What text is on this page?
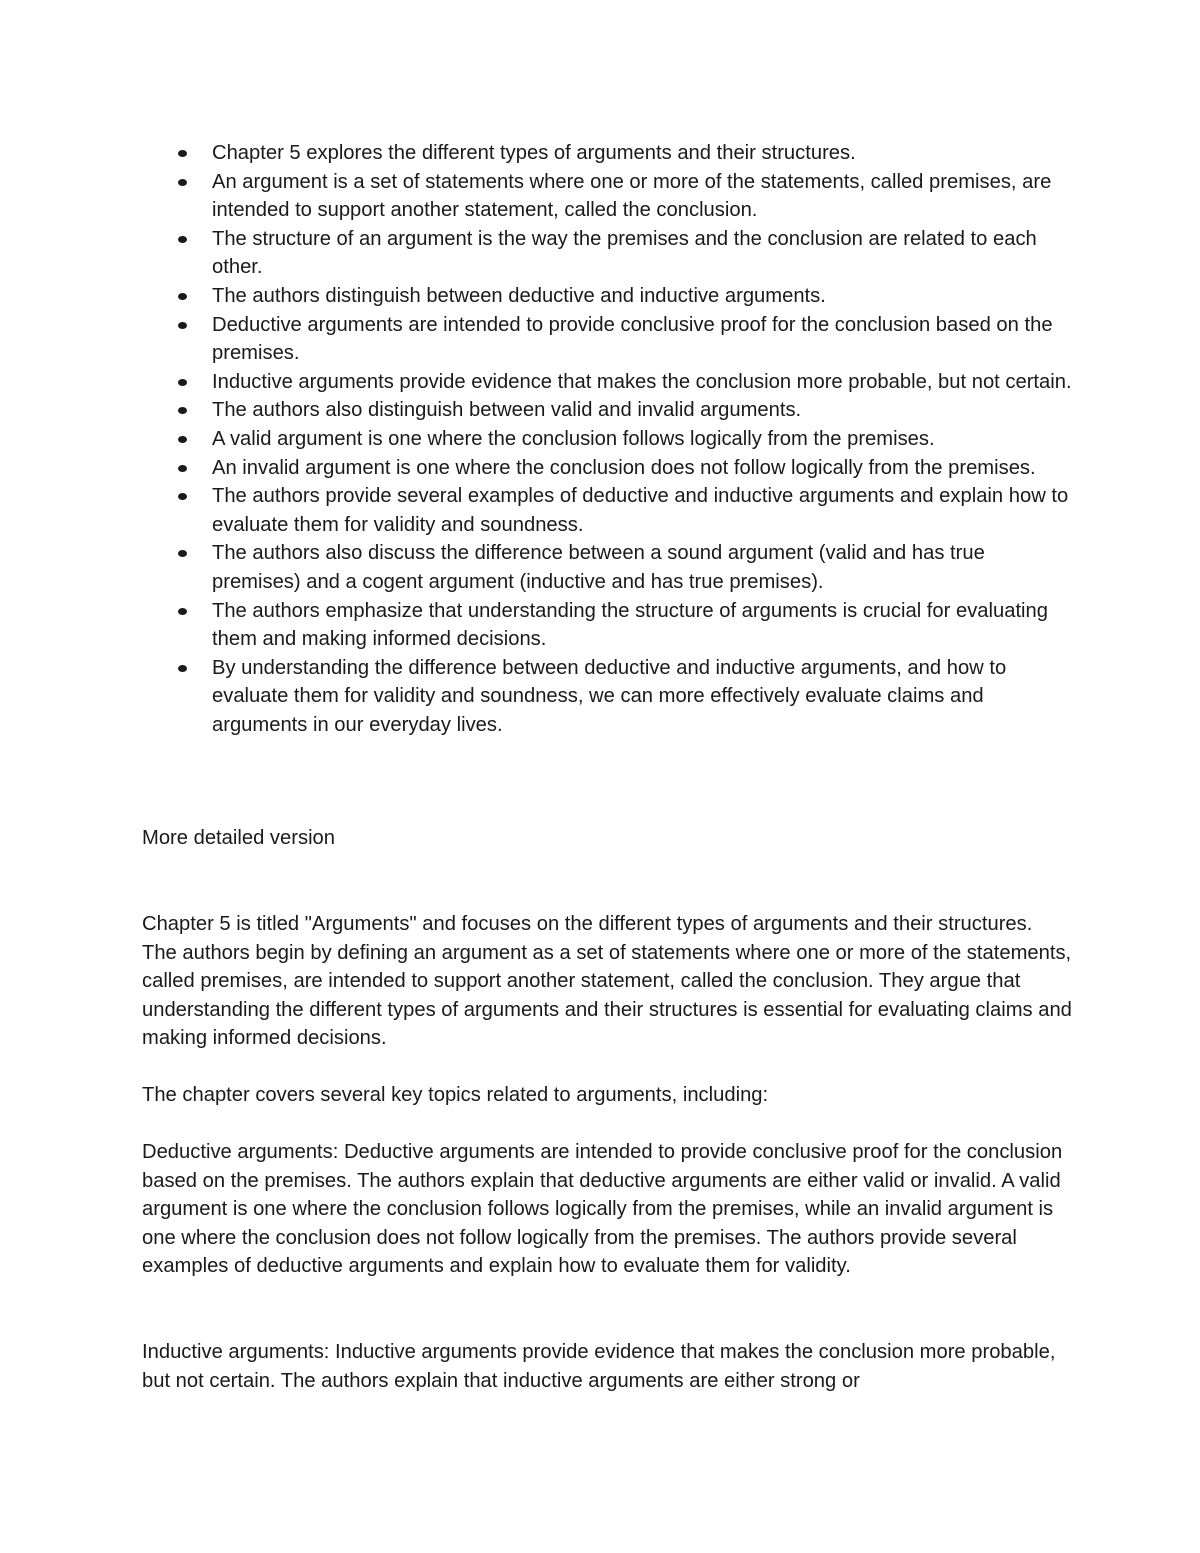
Chapter 5 explores the different types of arguments and their structures.
An argument is a set of statements where one or more of the statements, called premises, are intended to support another statement, called the conclusion.
The structure of an argument is the way the premises and the conclusion are related to each other.
The authors distinguish between deductive and inductive arguments.
Deductive arguments are intended to provide conclusive proof for the conclusion based on the premises.
Inductive arguments provide evidence that makes the conclusion more probable, but not certain.
The authors also distinguish between valid and invalid arguments.
A valid argument is one where the conclusion follows logically from the premises.
An invalid argument is one where the conclusion does not follow logically from the premises.
The authors provide several examples of deductive and inductive arguments and explain how to evaluate them for validity and soundness.
The authors also discuss the difference between a sound argument (valid and has true premises) and a cogent argument (inductive and has true premises).
The authors emphasize that understanding the structure of arguments is crucial for evaluating them and making informed decisions.
By understanding the difference between deductive and inductive arguments, and how to evaluate them for validity and soundness, we can more effectively evaluate claims and arguments in our everyday lives.

More detailed version

Chapter 5 is titled "Arguments" and focuses on the different types of arguments and their structures. The authors begin by defining an argument as a set of statements where one or more of the statements, called premises, are intended to support another statement, called the conclusion. They argue that understanding the different types of arguments and their structures is essential for evaluating claims and making informed decisions.

The chapter covers several key topics related to arguments, including:

Deductive arguments: Deductive arguments are intended to provide conclusive proof for the conclusion based on the premises. The authors explain that deductive arguments are either valid or invalid. A valid argument is one where the conclusion follows logically from the premises, while an invalid argument is one where the conclusion does not follow logically from the premises. The authors provide several examples of deductive arguments and explain how to evaluate them for validity.

Inductive arguments: Inductive arguments provide evidence that makes the conclusion more probable, but not certain. The authors explain that inductive arguments are either strong or
